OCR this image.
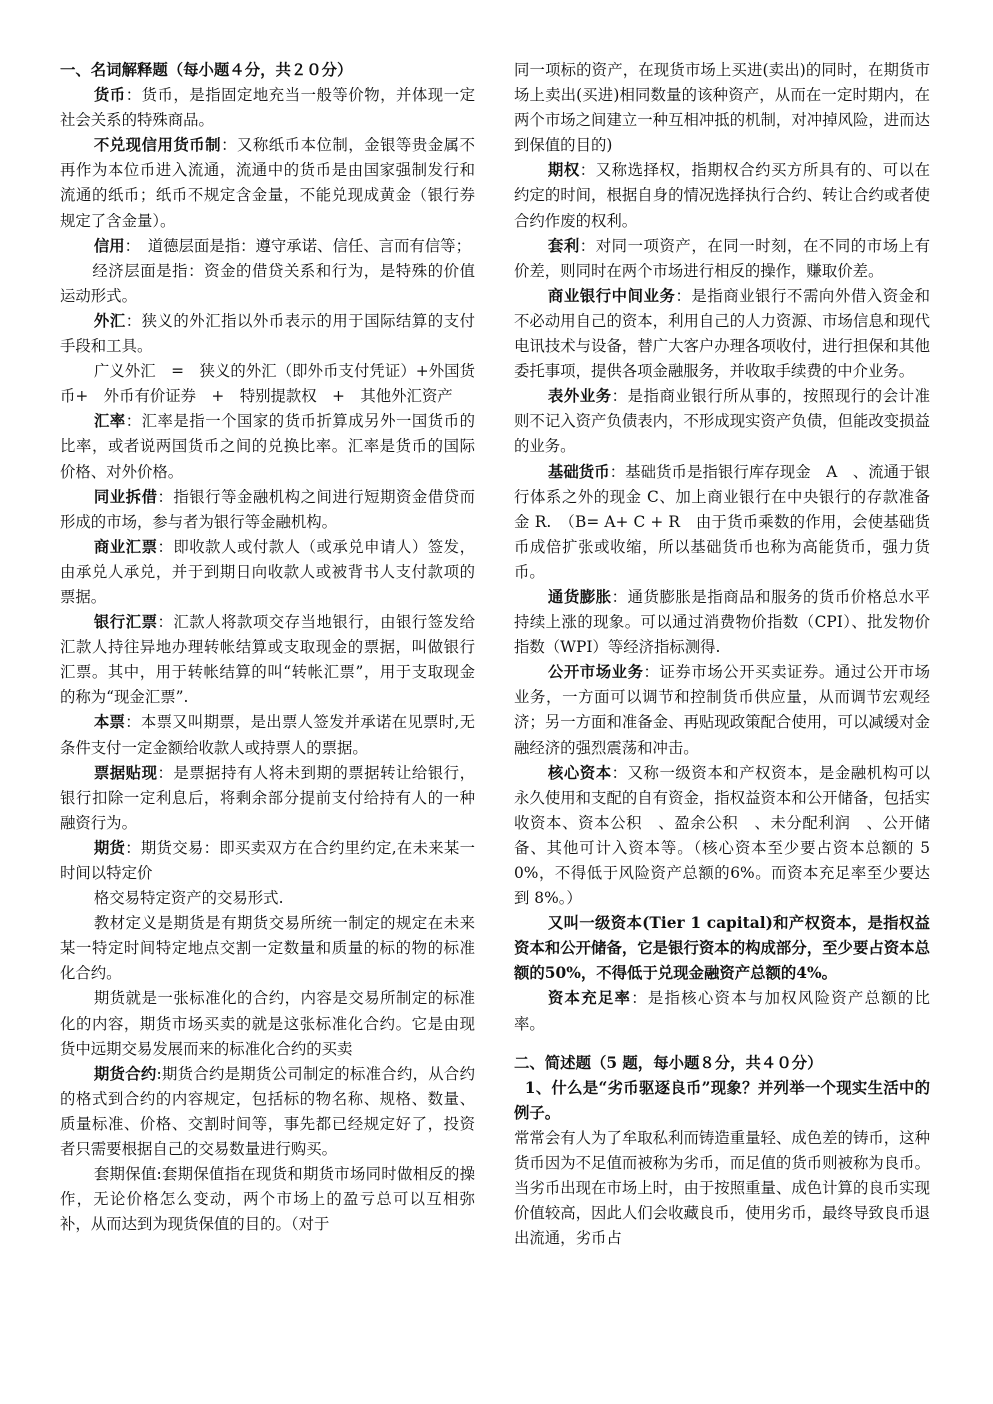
一、名词解释题（每小题４分，共２０分）

货币：货币，是指固定地充当一般等价物，并体现一定社会关系的特殊商品。

不兑现信用货币制：又称纸币本位制，金银等贵金属不再作为本位币进入流通，流通中的货币是由国家强制发行和流通的纸币；纸币不规定含金量，不能兑现成黄金（银行券规定了含金量）。

信用：　道德层面是指：遵守承诺、信任、言而有信等；

经济层面是指：资金的借贷关系和行为，是特殊的价值运动形式。

外汇：狭义的外汇指以外币表示的用于国际结算的支付手段和工具。

广义外汇　=　狭义的外汇（即外币支付凭证）+外国货币+　外币有价证券　+　特别提款权　+　其他外汇资产

汇率：汇率是指一个国家的货币折算成另外一国货币的比率，或者说两国货币之间的兑换比率。汇率是货币的国际价格、对外价格。

同业拆借：指银行等金融机构之间进行短期资金借贷而形成的市场，参与者为银行等金融机构。

商业汇票：即收款人或付款人（或承兑申请人）签发，由承兑人承兑，并于到期日向收款人或被背书人支付款项的票据。

银行汇票：汇款人将款项交存当地银行，由银行签发给汇款人持往异地办理转帐结算或支取现金的票据，叫做银行汇票。其中，用于转帐结算的叫“转帐汇票”，用于支取现金的称为“现金汇票”.

本票：本票又叫期票，是出票人签发并承诺在见票时,无条件支付一定金额给收款人或持票人的票据。

票据贴现：是票据持有人将未到期的票据转让给银行，银行扣除一定利息后，将剩余部分提前支付给持有人的一种融资行为。

期货：期货交易：即买卖双方在合约里约定,在未来某一时间以特定价

格交易特定资产的交易形式.

教材定义是期货是有期货交易所统一制定的规定在未来某一特定时间特定地点交割一定数量和质量的标的物的标准化合约。

期货就是一张标准化的合约，内容是交易所制定的标准化的内容，期货市场买卖的就是这张标准化合约。它是由现货中远期交易发展而来的标准化合约的买卖

期货合约:期货合约是期货公司制定的标准合约，从合约的格式到合约的内容规定，包括标的物名称、规格、数量、质量标准、价格、交割时间等，事先都已经规定好了，投资者只需要根据自己的交易数量进行购买。

套期保值:套期保值指在现货和期货市场同时做相反的操作，无论价格怎么变动，两个市场上的盈亏总可以互相弥补，从而达到为现货保值的目的。（对于

同一项标的资产，在现货市场上买进(卖出)的同时，在期货市场上卖出(买进)相同数量的该种资产，从而在一定时期内，在两个市场之间建立一种互相冲抵的机制，对冲掉风险，进而达到保值的目的)

期权：又称选择权，指期权合约买方所具有的、可以在约定的时间，根据自身的情况选择执行合约、转让合约或者使合约作废的权利。

套利：对同一项资产，在同一时刻，在不同的市场上有价差，则同时在两个市场进行相反的操作，赚取价差。

商业银行中间业务：是指商业银行不需向外借入资金和不必动用自己的资本，利用自己的人力资源、市场信息和现代电讯技术与设备，替广大客户办理各项收付，进行担保和其他委托事项，提供各项金融服务，并收取手续费的中介业务。

表外业务：是指商业银行所从事的，按照现行的会计准则不记入资产负债表内，不形成现实资产负债，但能改变损益的业务。

基础货币：基础货币是指银行库存现金　A　、流通于银行体系之外的现金 C、加上商业银行在中央银行的存款准备金 R.　（B= A+ C + R　由于货币乘数的作用，会使基础货币成倍扩张或收缩，所以基础货币也称为高能货币，强力货币。

通货膨胀：通货膨胀是指商品和服务的货币价格总水平持续上涨的现象。可以通过消费物价指数（CPI）、批发物价指数（WPI）等经济指标测得.

公开市场业务：证券市场公开买卖证券。通过公开市场业务，一方面可以调节和控制货币供应量，从而调节宏观经济；另一方面和准备金、再贴现政策配合使用，可以减缓对金融经济的强烈震荡和冲击。

核心资本：又称一级资本和产权资本，是金融机构可以永久使用和支配的自有资金，指权益资本和公开储备，包括实收资本、资本公积　、盈余公积　、未分配利润　、公开储备、其他可计入资本等。（核心资本至少要占资本总额的 50%，不得低于风险资产总额的6%。而资本充足率至少要达到 8%。）

又叫一级资本(Tier 1 capital)和产权资本，是指权益资本和公开储备，它是银行资本的构成部分，至少要占资本总额的50%，不得低于兑现金融资产总额的4%。

资本充足率：是指核心资本与加权风险资产总额的比率。

二、简述题（5 题，每小题８分，共４０分）

1、什么是“劣币驱逐良币”现象？并列举一个现实生活中的例子。

常常会有人为了牟取私利而铸造重量轻、成色差的铸币，这种货币因为不足值而被称为劣币，而足值的货币则被称为良币。当劣币出现在市场上时，由于按照重量、成色计算的良币实现价值较高，因此人们会收藏良币，使用劣币，最终导致良币退出流通，劣币占
